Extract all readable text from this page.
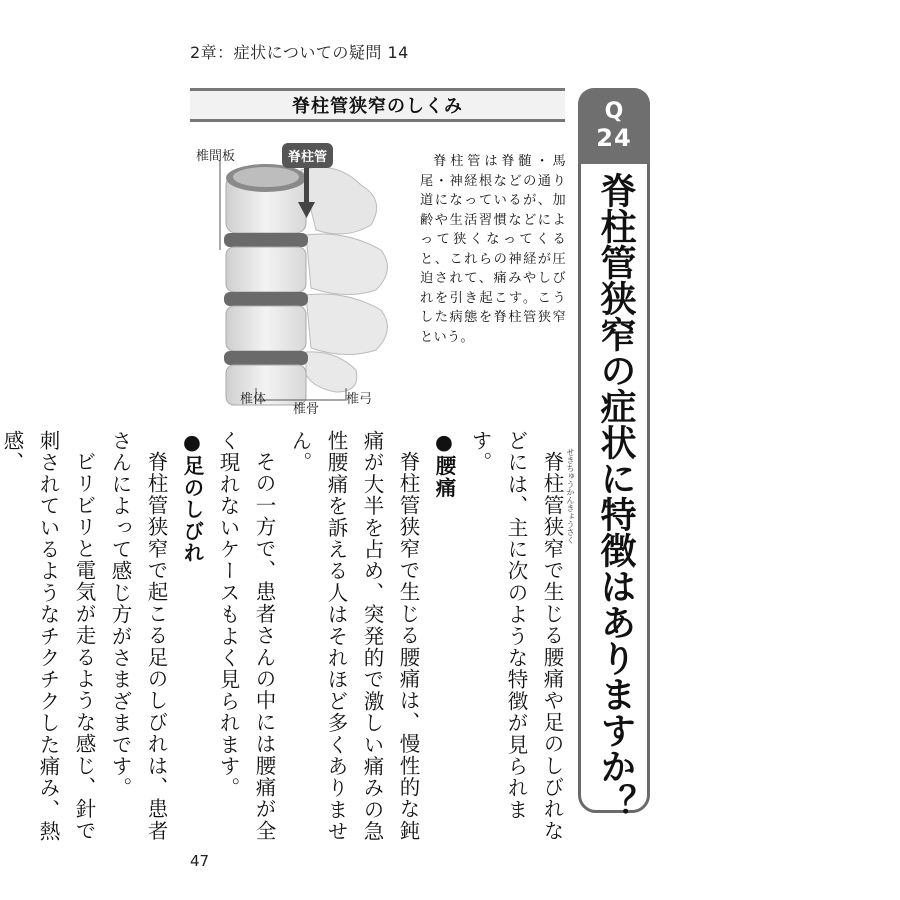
2章：症状についての疑問 14
脊柱管狭窄のしくみ
椎間板	脊柱管
椎体
椎骨
椎弓
脊柱管は脊髄・馬尾・神経根などの通り道になっているが、加齢や生活習慣などによって狭くなってくると、これらの神経が圧迫されて、痛みやしびれを引き起こす。こうした病態を脊柱管狭窄という。
Q
24
脊柱管狭窄の症状に特徴はありますか？
せきちゅうかんきょうさく

脊柱管狭窄で生じる腰痛や足のしびれなどには、主に次のような特徴が見られます。

●腰痛

脊柱管狭窄で生じる腰痛は、慢性的な鈍痛が大半を占め、突発的で激しい痛みの急性腰痛を訴える人はそれほど多くありません。

その一方で、患者さんの中には腰痛が全く現れないケースもよく見られます。

●足のしびれ

脊柱管狭窄で起こる足のしびれは、患者さんによって感じ方がさまざまです。

ビリビリと電気が走るような感じ、針で刺されているようなチクチクした痛み、熱感、

47
